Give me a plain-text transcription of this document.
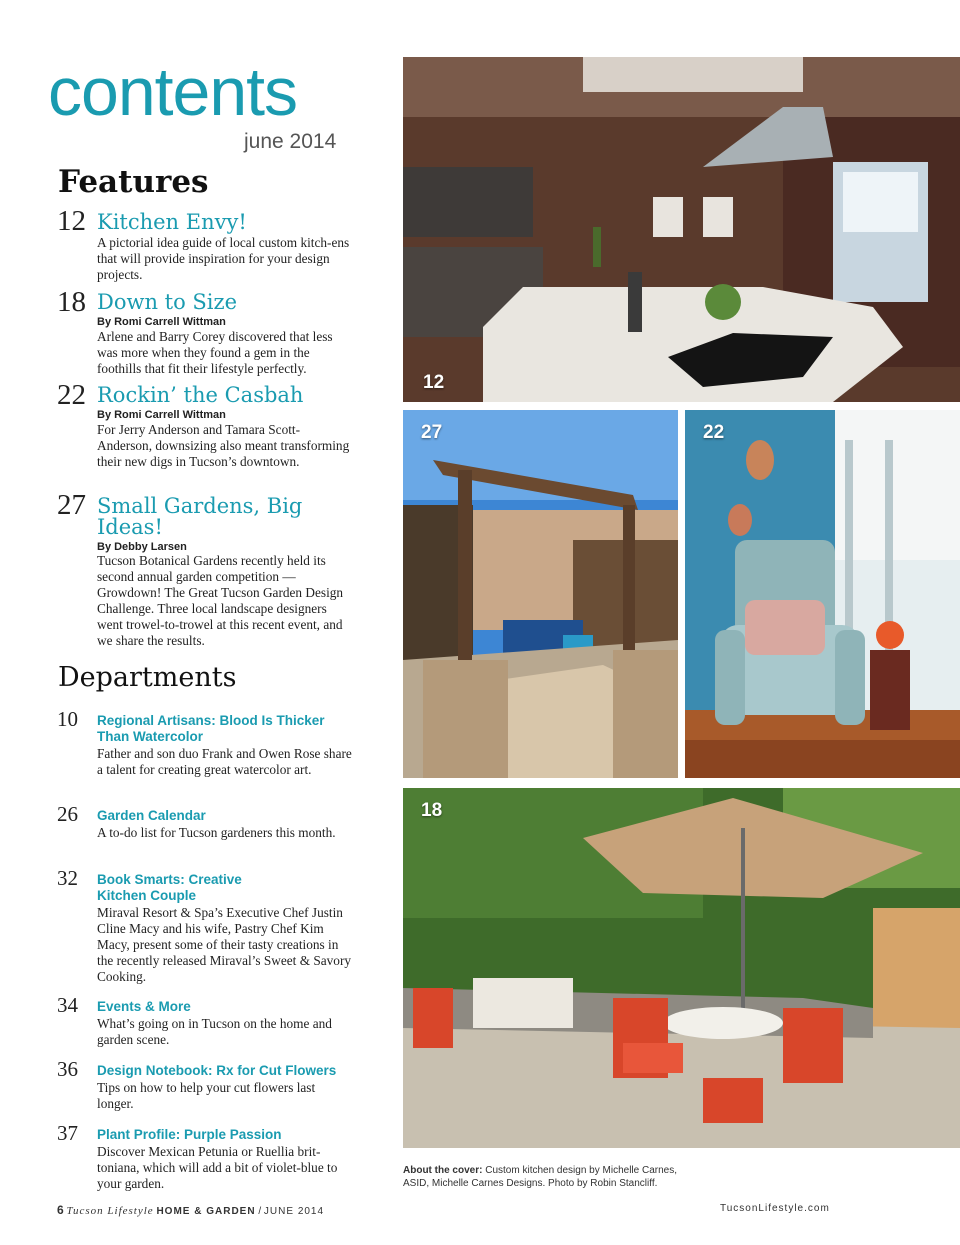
contents
june 2014
Features
12 Kitchen Envy!
A pictorial idea guide of local custom kitch-ens that will provide inspiration for your design projects.
18 Down to Size
By Romi Carrell Wittman
Arlene and Barry Corey discovered that less was more when they found a gem in the foothills that fit their lifestyle perfectly.
22 Rockin’ the Casbah
By Romi Carrell Wittman
For Jerry Anderson and Tamara Scott-Anderson, downsizing also meant transforming their new digs in Tucson’s downtown.
27 Small Gardens, Big Ideas!
By Debby Larsen
Tucson Botanical Gardens recently held its second annual garden competition — Growdown! The Great Tucson Garden Design Challenge. Three local landscape designers went trowel-to-trowel at this recent event, and we share the results.
Departments
10 Regional Artisans: Blood Is Thicker Than Watercolor
Father and son duo Frank and Owen Rose share a talent for creating great watercolor art.
26 Garden Calendar
A to-do list for Tucson gardeners this month.
32 Book Smarts: Creative Kitchen Couple
Miraval Resort & Spa’s Executive Chef Justin Cline Macy and his wife, Pastry Chef Kim Macy, present some of their tasty creations in the recently released Miraval’s Sweet & Savory Cooking.
34 Events & More
What’s going on in Tucson on the home and garden scene.
36 Design Notebook: Rx for Cut Flowers
Tips on how to help your cut flowers last longer.
37 Plant Profile: Purple Passion
Discover Mexican Petunia or Ruellia brit-toniana, which will add a bit of violet-blue to your garden.
12
27	22
18
About the cover: Custom kitchen design by Michelle Carnes, ASID, Michelle Carnes Designs. Photo by Robin Stancliff.
6 Tucson Lifestyle HOME & GARDEN / JUNE 2014	TucsonLifestyle.com
